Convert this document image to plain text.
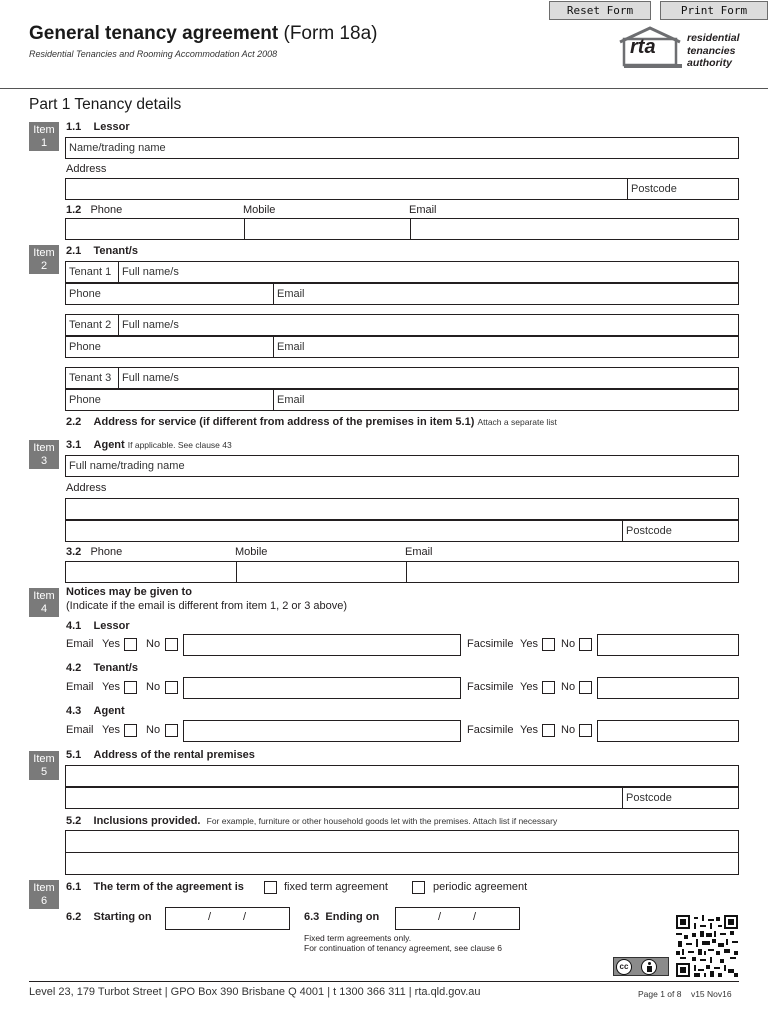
Reset Form	Print Form
General tenancy agreement (Form 18a)
Residential Tenancies and Rooming Accommodation Act 2008	rta	residential
tenancies
authority
Part 1 Tenancy details
Item
1
1.1 Lessor
Name/trading name
Address
Postcode
1.2 Phone	Mobile	Email
Item
2
2.1 Tenant/s
Tenant 1 Full name/s
Phone	Email
Tenant 2 Full name/s
Phone	Email
Tenant 3 Full name/s
Phone	Email
2.2 Address for service (if different from address of the premises in item 5.1) Attach a separate list
Item
3
3.1 Agent If applicable. See clause 43
Full name/trading name
Address
Postcode
3.2 Phone	Mobile	Email
Item
4
Notices may be given to
(Indicate if the email is different from item 1, 2 or 3 above)
4.1 Lessor
Email Yes No	Facsimile Yes No
4.2 Tenant/s
Email Yes No	Facsimile Yes No
4.3 Agent
Email Yes No	Facsimile Yes No
Item
5
5.1 Address of the rental premises
Postcode
5.2 Inclusions provided. For example, furniture or other household goods let with the premises. Attach list if necessary
Item
6
6.1 The term of the agreement is	fixed term agreement	periodic agreement
6.2 Starting on	/	/	6.3 Ending on	/	/
Fixed term agreements only.
For continuation of tenancy agreement, see clause 6
cc
Level 23, 179 Turbot Street | GPO Box 390 Brisbane Q 4001 | t 1300 366 311 | rta.qld.gov.au	Page 1 of 8 v15 Nov16
